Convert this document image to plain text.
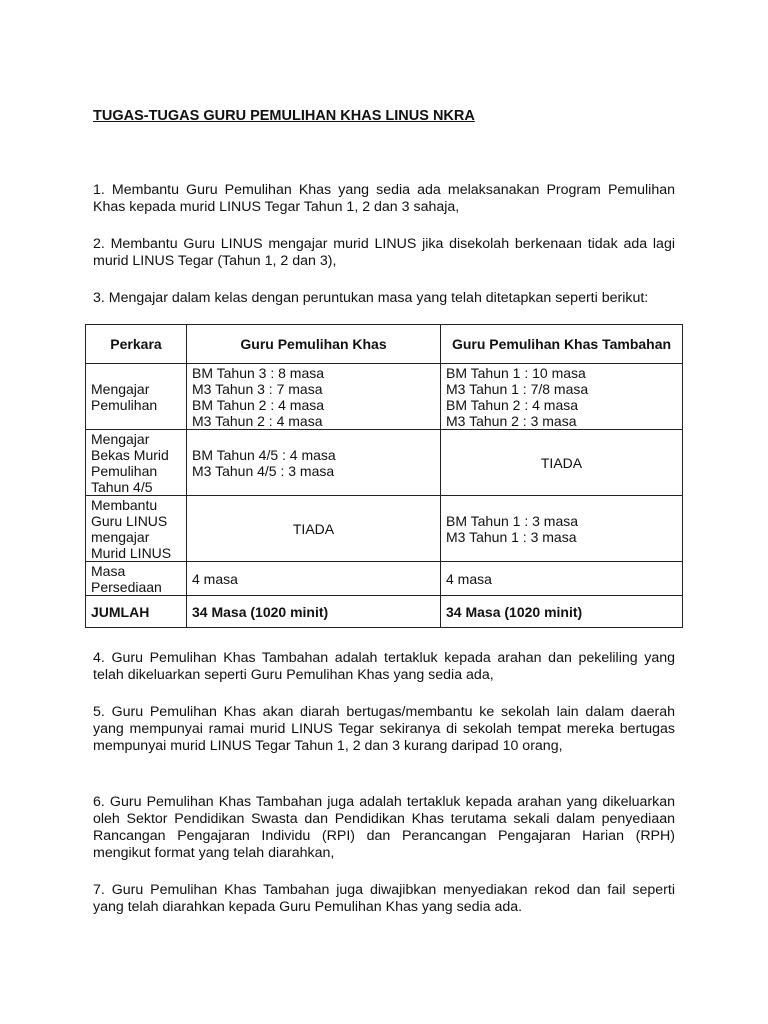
TUGAS-TUGAS GURU PEMULIHAN KHAS LINUS NKRA

1. Membantu Guru Pemulihan Khas yang sedia ada melaksanakan Program Pemulihan Khas kepada murid LINUS Tegar Tahun 1, 2 dan 3 sahaja,

2. Membantu Guru LINUS mengajar murid LINUS jika disekolah berkenaan tidak ada lagi murid LINUS Tegar (Tahun 1, 2 dan 3),

3. Mengajar dalam kelas dengan peruntukan masa yang telah ditetapkan seperti berikut:

Perkara	Guru Pemulihan Khas	Guru Pemulihan Khas Tambahan

Mengajar
Pemulihan	BM Tahun 3 : 8 masa
M3 Tahun 3 : 7 masa
BM Tahun 2 : 4 masa
M3 Tahun 2 : 4 masa	BM Tahun 1 : 10 masa
M3 Tahun 1 : 7/8 masa
BM Tahun 2 : 4 masa
M3 Tahun 2 : 3 masa

Mengajar
Bekas Murid
Pemulihan
Tahun 4/5	BM Tahun 4/5 : 4 masa
M3 Tahun 4/5 : 3 masa	TIADA

Membantu
Guru LINUS
mengajar
Murid LINUS	TIADA	BM Tahun 1 : 3 masa
M3 Tahun 1 : 3 masa

Masa
Persediaan	4 masa	4 masa
JUMLAH	34 Masa (1020 minit)	34 Masa (1020 minit)

4. Guru Pemulihan Khas Tambahan adalah tertakluk kepada arahan dan pekeliling yang telah dikeluarkan seperti Guru Pemulihan Khas yang sedia ada,

5. Guru Pemulihan Khas akan diarah bertugas/membantu ke sekolah lain dalam daerah yang mempunyai ramai murid LINUS Tegar sekiranya di sekolah tempat mereka bertugas mempunyai murid LINUS Tegar Tahun 1, 2 dan 3 kurang daripad 10 orang,

6. Guru Pemulihan Khas Tambahan juga adalah tertakluk kepada arahan yang dikeluarkan oleh Sektor Pendidikan Swasta dan Pendidikan Khas terutama sekali dalam penyediaan Rancangan Pengajaran Individu (RPI) dan Perancangan Pengajaran Harian (RPH) mengikut format yang telah diarahkan,

7. Guru Pemulihan Khas Tambahan juga diwajibkan menyediakan rekod dan fail seperti yang telah diarahkan kepada Guru Pemulihan Khas yang sedia ada.
